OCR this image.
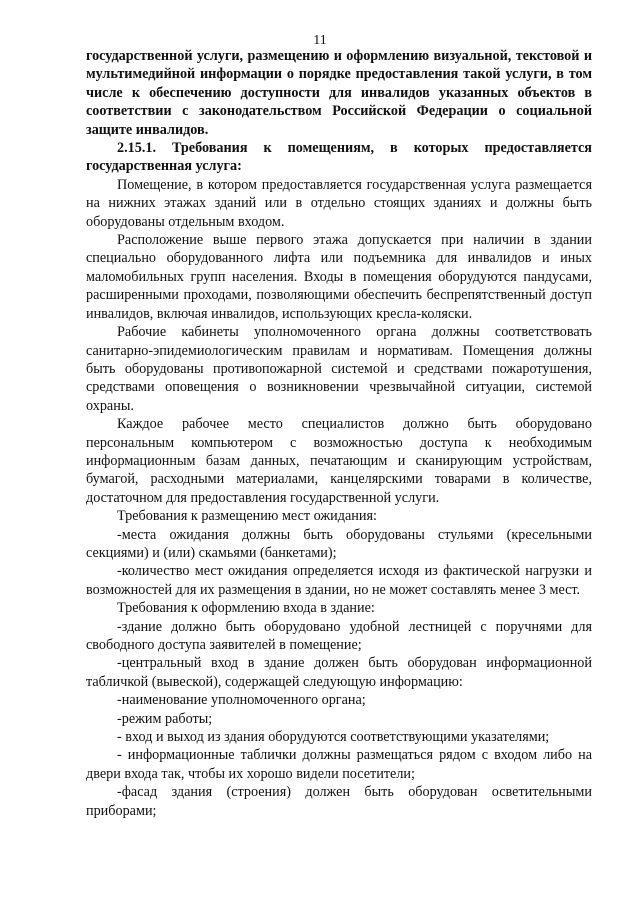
11

государственной услуги, размещению и оформлению визуальной, текстовой и мультимедийной информации о порядке предоставления такой услуги, в том числе к обеспечению доступности для инвалидов указанных объектов в соответствии с законодательством Российской Федерации о социальной защите инвалидов.

2.15.1. Требования к помещениям, в которых предоставляется государственная услуга:

Помещение, в котором предоставляется государственная услуга размещается на нижних этажах зданий или в отдельно стоящих зданиях и должны быть оборудованы отдельным входом.

Расположение выше первого этажа допускается при наличии в здании специально оборудованного лифта или подъемника для инвалидов и иных маломобильных групп населения. Входы в помещения оборудуются пандусами, расширенными проходами, позволяющими обеспечить беспрепятственный доступ инвалидов, включая инвалидов, использующих кресла-коляски.

Рабочие кабинеты уполномоченного органа должны соответствовать санитарно-эпидемиологическим правилам и нормативам. Помещения должны быть оборудованы противопожарной системой и средствами пожаротушения, средствами оповещения о возникновении чрезвычайной ситуации, системой охраны.

Каждое рабочее место специалистов должно быть оборудовано персональным компьютером с возможностью доступа к необходимым информационным базам данных, печатающим и сканирующим устройствам, бумагой, расходными материалами, канцелярскими товарами в количестве, достаточном для предоставления государственной услуги.

Требования к размещению мест ожидания:

-места ожидания должны быть оборудованы стульями (кресельными секциями) и (или) скамьями (банкетами);

-количество мест ожидания определяется исходя из фактической нагрузки и возможностей для их размещения в здании, но не может составлять менее 3 мест.

Требования к оформлению входа в здание:

-здание должно быть оборудовано удобной лестницей с поручнями для свободного доступа заявителей в помещение;

-центральный вход в здание должен быть оборудован информационной табличкой (вывеской), содержащей следующую информацию:

-наименование уполномоченного органа;

-режим работы;

- вход и выход из здания оборудуются соответствующими указателями;

- информационные таблички должны размещаться рядом с входом либо на двери входа так, чтобы их хорошо видели посетители;

-фасад здания (строения) должен быть оборудован осветительными приборами;
